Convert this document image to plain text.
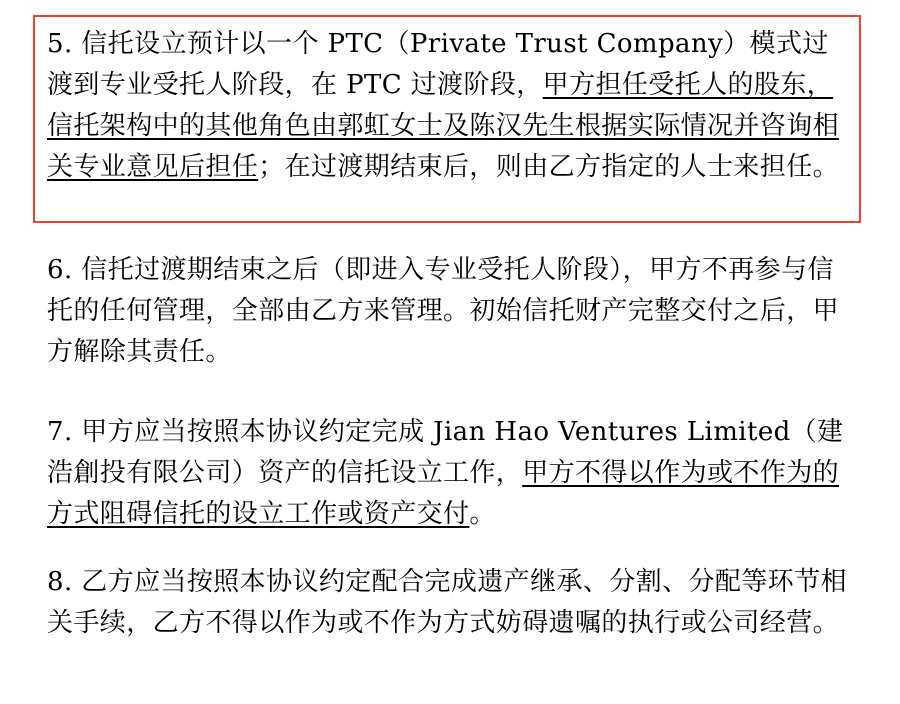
5. 信托设立预计以一个 PTC（Private Trust Company）模式过渡到专业受托人阶段，在 PTC 过渡阶段，甲方担任受托人的股东，信托架构中的其他角色由郭虹女士及陈汉先生根据实际情况并咨询相关专业意见后担任；在过渡期结束后，则由乙方指定的人士来担任。
6. 信托过渡期结束之后（即进入专业受托人阶段），甲方不再参与信托的任何管理，全部由乙方来管理。初始信托财产完整交付之后，甲方解除其责任。
7. 甲方应当按照本协议约定完成 Jian Hao Ventures Limited（建浩創投有限公司）资产的信托设立工作，甲方不得以作为或不作为的方式阻碍信托的设立工作或资产交付。
8. 乙方应当按照本协议约定配合完成遗产继承、分割、分配等环节相关手续，乙方不得以作为或不作为方式妨碍遗嘱的执行或公司经营。
